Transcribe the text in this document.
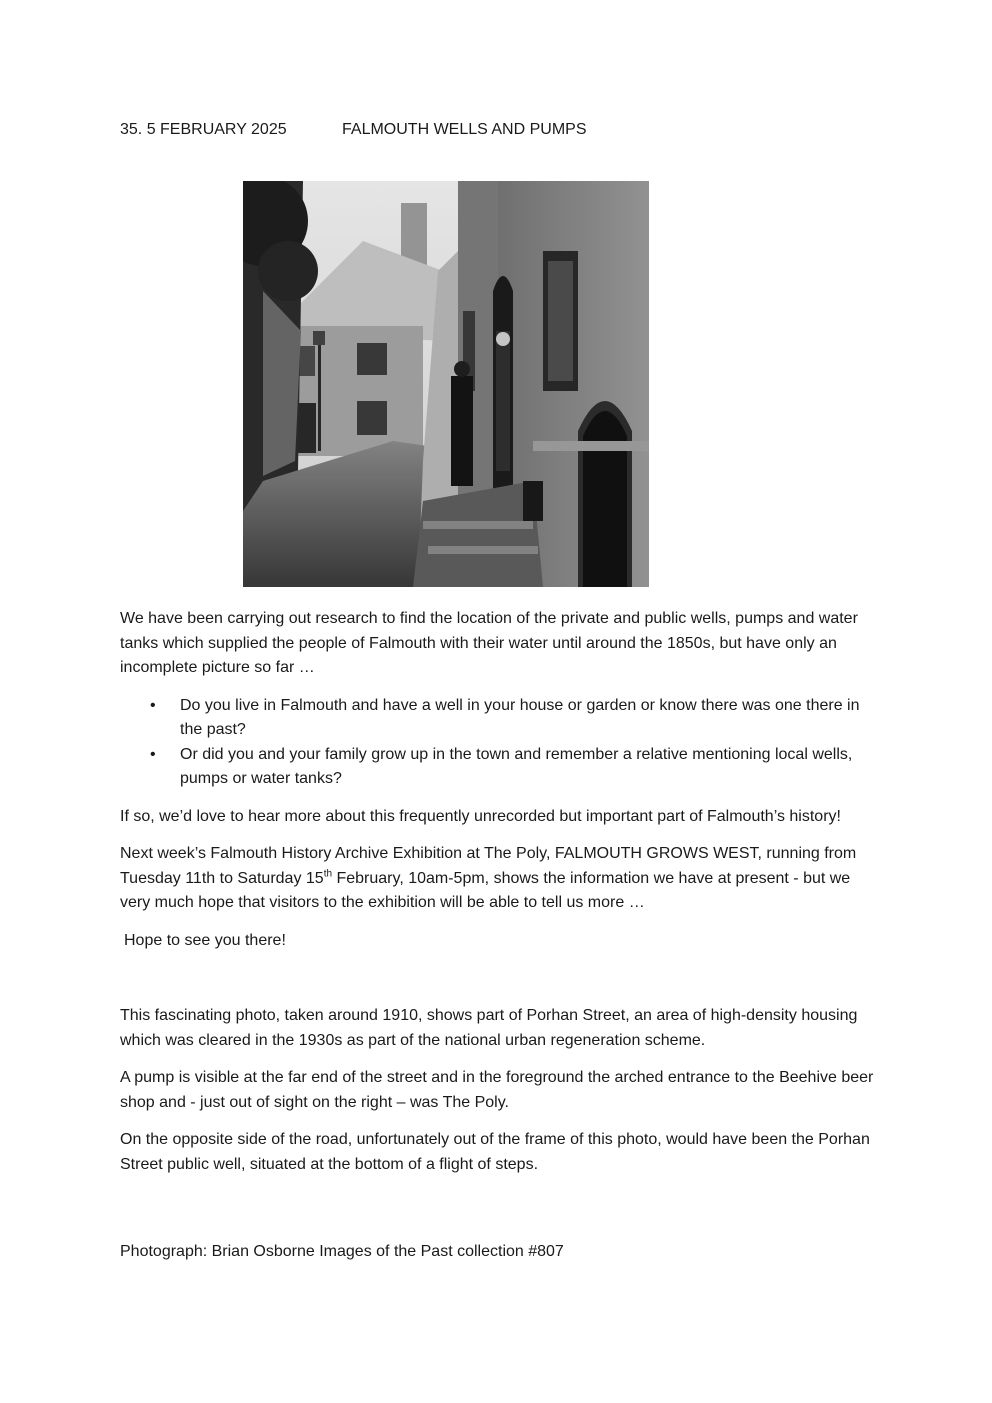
35. 5 FEBRUARY 2025	FALMOUTH WELLS AND PUMPS

We have been carrying out research to find the location of the private and public wells, pumps and water tanks which supplied the people of Falmouth with their water until around the 1850s, but have only an incomplete picture so far …

• Do you live in Falmouth and have a well in your house or garden or know there was one there in the past?
• Or did you and your family grow up in the town and remember a relative mentioning local wells, pumps or water tanks?

If so, we’d love to hear more about this frequently unrecorded but important part of Falmouth’s history!

Next week’s Falmouth History Archive Exhibition at The Poly, FALMOUTH GROWS WEST, running from Tuesday 11th to Saturday 15th February, 10am-5pm, shows the information we have at present - but we very much hope that visitors to the exhibition will be able to tell us more …

Hope to see you there!

This fascinating photo, taken around 1910, shows part of Porhan Street, an area of high-density housing which was cleared in the 1930s as part of the national urban regeneration scheme.

A pump is visible at the far end of the street and in the foreground the arched entrance to the Beehive beer shop and - just out of sight on the right – was The Poly.

On the opposite side of the road, unfortunately out of the frame of this photo, would have been the Porhan Street public well, situated at the bottom of a flight of steps.

Photograph: Brian Osborne Images of the Past collection #807
